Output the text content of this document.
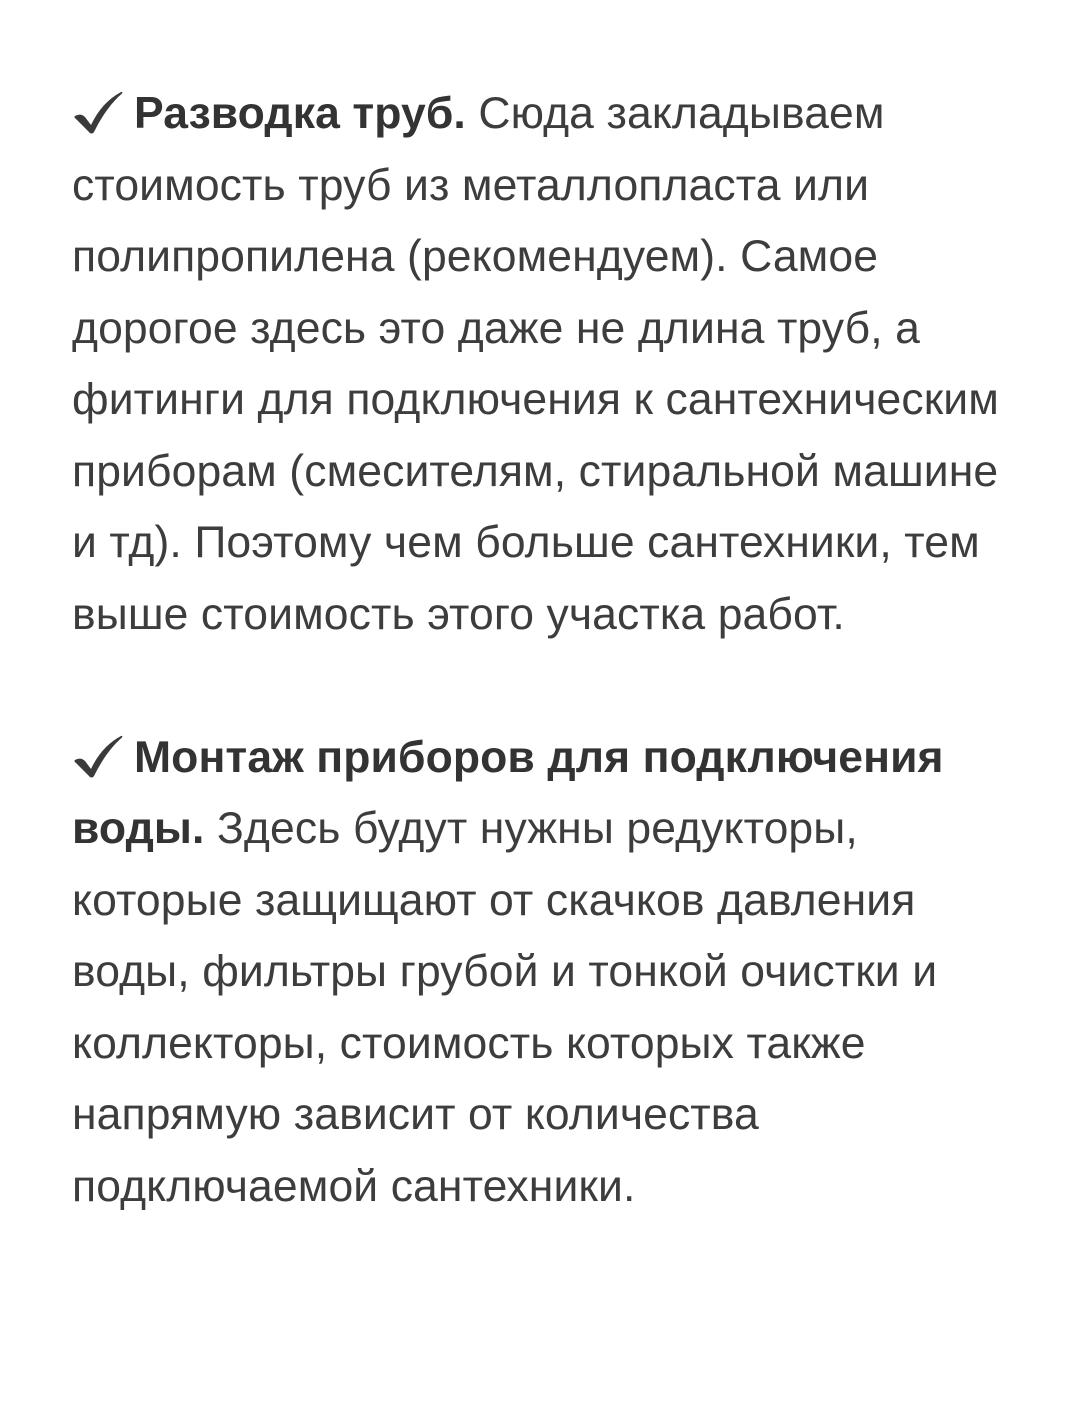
Разводка труб. Сюда закладываем стоимость труб из металлопласта или полипропилена (рекомендуем). Самое дорогое здесь это даже не длина труб, а фитинги для подключения к сантехническим приборам (смесителям, стиральной машине и тд). Поэтому чем больше сантехники, тем выше стоимость этого участка работ.

Монтаж приборов для подключения воды. Здесь будут нужны редукторы, которые защищают от скачков давления воды, фильтры грубой и тонкой очистки и коллекторы, стоимость которых также напрямую зависит от количества подключаемой сантехники.
